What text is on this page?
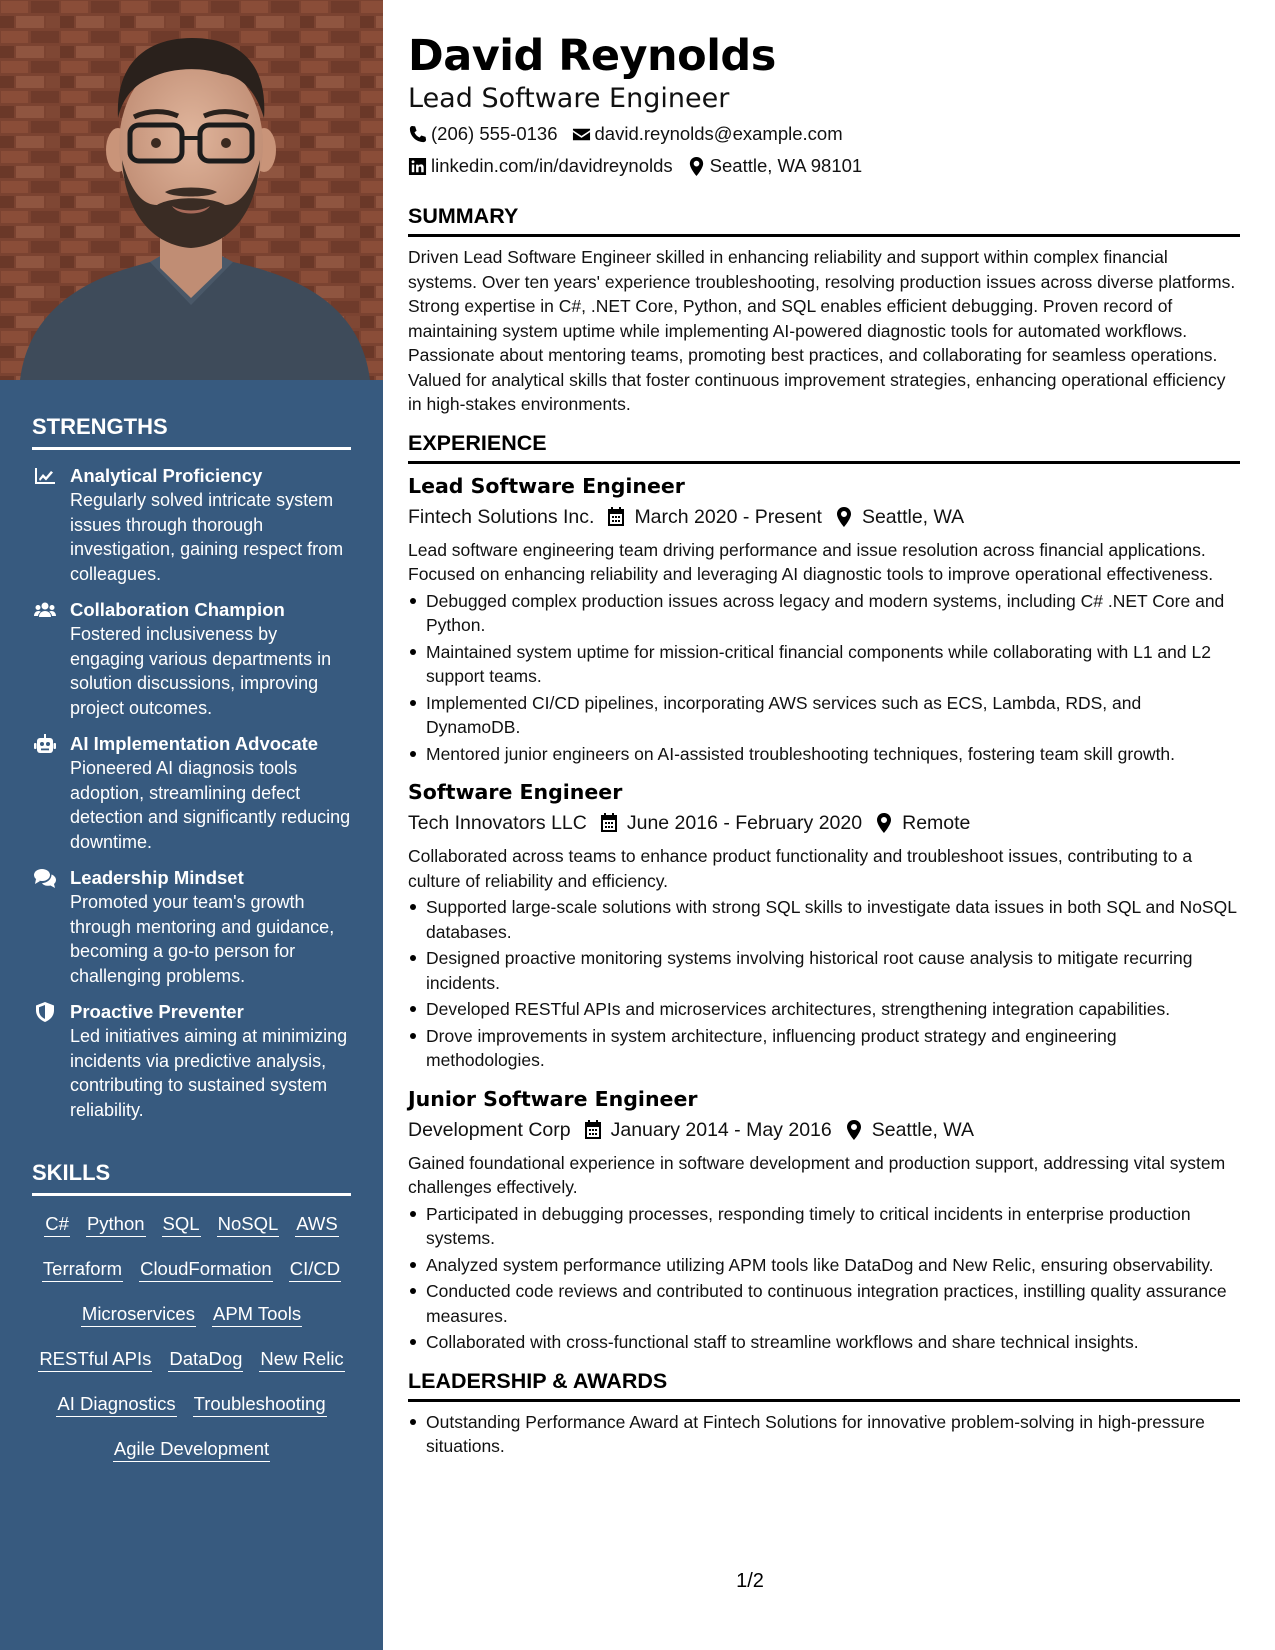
STRENGTHS
Analytical Proficiency
Regularly solved intricate system issues through thorough investigation, gaining respect from colleagues.
Collaboration Champion
Fostered inclusiveness by engaging various departments in solution discussions, improving project outcomes.
AI Implementation Advocate
Pioneered AI diagnosis tools adoption, streamlining defect detection and significantly reducing downtime.
Leadership Mindset
Promoted your team's growth through mentoring and guidance, becoming a go-to person for challenging problems.
Proactive Preventer
Led initiatives aiming at minimizing incidents via predictive analysis, contributing to sustained system reliability.
SKILLS
C# Python SQL NoSQL AWS
Terraform CloudFormation CI/CD
Microservices APM Tools
RESTful APIs DataDog New Relic
AI Diagnostics Troubleshooting
Agile Development
David Reynolds
Lead Software Engineer
(206) 555-0136 david.reynolds@example.com
linkedin.com/in/davidreynolds Seattle, WA 98101
SUMMARY

Driven Lead Software Engineer skilled in enhancing reliability and support within complex financial systems. Over ten years' experience troubleshooting, resolving production issues across diverse platforms. Strong expertise in C#, .NET Core, Python, and SQL enables efficient debugging. Proven record of maintaining system uptime while implementing AI-powered diagnostic tools for automated workflows. Passionate about mentoring teams, promoting best practices, and collaborating for seamless operations. Valued for analytical skills that foster continuous improvement strategies, enhancing operational efficiency in high-stakes environments.

EXPERIENCE
Lead Software Engineer
Fintech Solutions Inc. March 2020 - Present Seattle, WA

Lead software engineering team driving performance and issue resolution across financial applications. Focused on enhancing reliability and leveraging AI diagnostic tools to improve operational effectiveness.

Debugged complex production issues across legacy and modern systems, including C# .NET Core and Python.
Maintained system uptime for mission-critical financial components while collaborating with L1 and L2 support teams.
Implemented CI/CD pipelines, incorporating AWS services such as ECS, Lambda, RDS, and DynamoDB.
Mentored junior engineers on AI-assisted troubleshooting techniques, fostering team skill growth.
Software Engineer
Tech Innovators LLC June 2016 - February 2020 Remote

Collaborated across teams to enhance product functionality and troubleshoot issues, contributing to a culture of reliability and efficiency.

Supported large-scale solutions with strong SQL skills to investigate data issues in both SQL and NoSQL databases.
Designed proactive monitoring systems involving historical root cause analysis to mitigate recurring incidents.
Developed RESTful APIs and microservices architectures, strengthening integration capabilities.
Drove improvements in system architecture, influencing product strategy and engineering methodologies.
Junior Software Engineer
Development Corp January 2014 - May 2016 Seattle, WA

Gained foundational experience in software development and production support, addressing vital system challenges effectively.

Participated in debugging processes, responding timely to critical incidents in enterprise production systems.
Analyzed system performance utilizing APM tools like DataDog and New Relic, ensuring observability.
Conducted code reviews and contributed to continuous integration practices, instilling quality assurance measures.
Collaborated with cross-functional staff to streamline workflows and share technical insights.
LEADERSHIP & AWARDS
Outstanding Performance Award at Fintech Solutions for innovative problem-solving in high-pressure situations.
1/2
